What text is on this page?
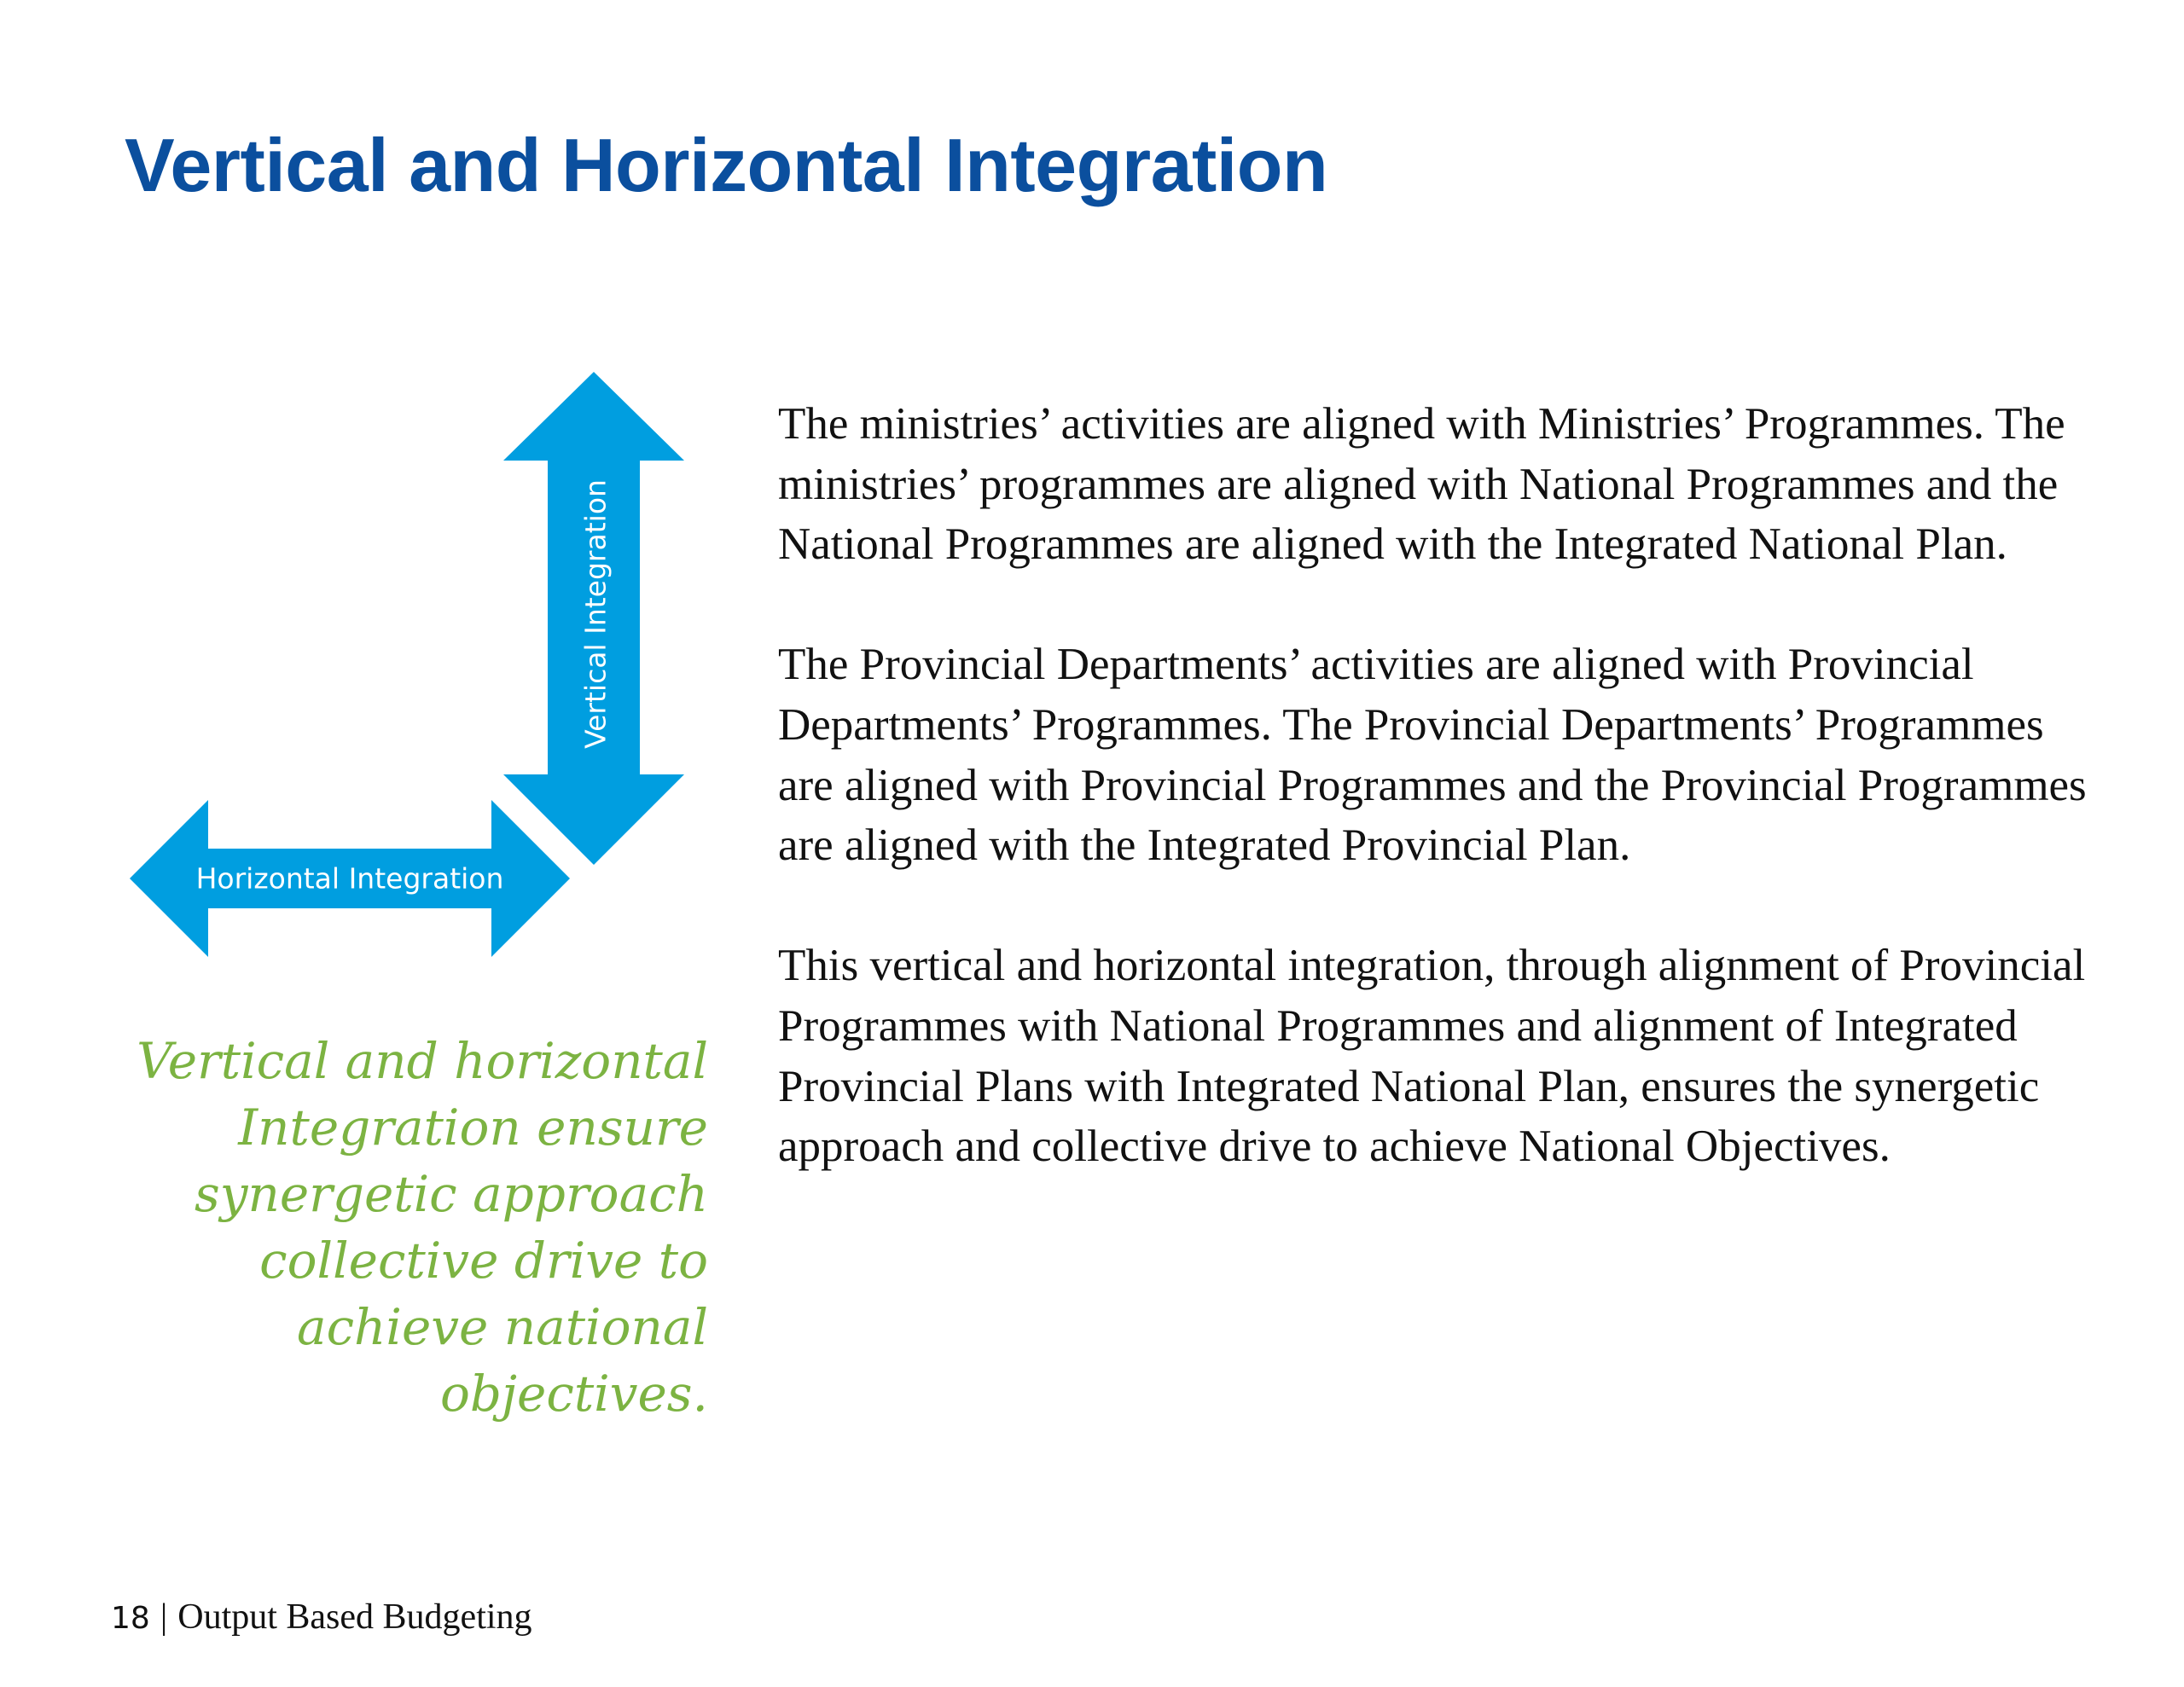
Vertical and Horizontal Integration
Vertical Integration
Horizontal Integration

Vertical and horizontal Integration ensure synergetic approach collective drive to achieve national objectives.

The ministries’ activities are aligned with Ministries’ Programmes. The ministries’ programmes are aligned with National Programmes and the National Programmes are aligned with the Integrated National Plan.

The Provincial Departments’ activities are aligned with Provincial Departments’ Programmes. The Provincial Departments’ Programmes are aligned with Provincial Programmes and the Provincial Programmes are aligned with the Integrated Provincial Plan.

This vertical and horizontal integration, through alignment of Provincial Programmes with National Programmes and alignment of Integrated Provincial Plans with Integrated National Plan, ensures the synergetic approach and collective drive to achieve National Objectives.

18 | Output Based Budgeting
